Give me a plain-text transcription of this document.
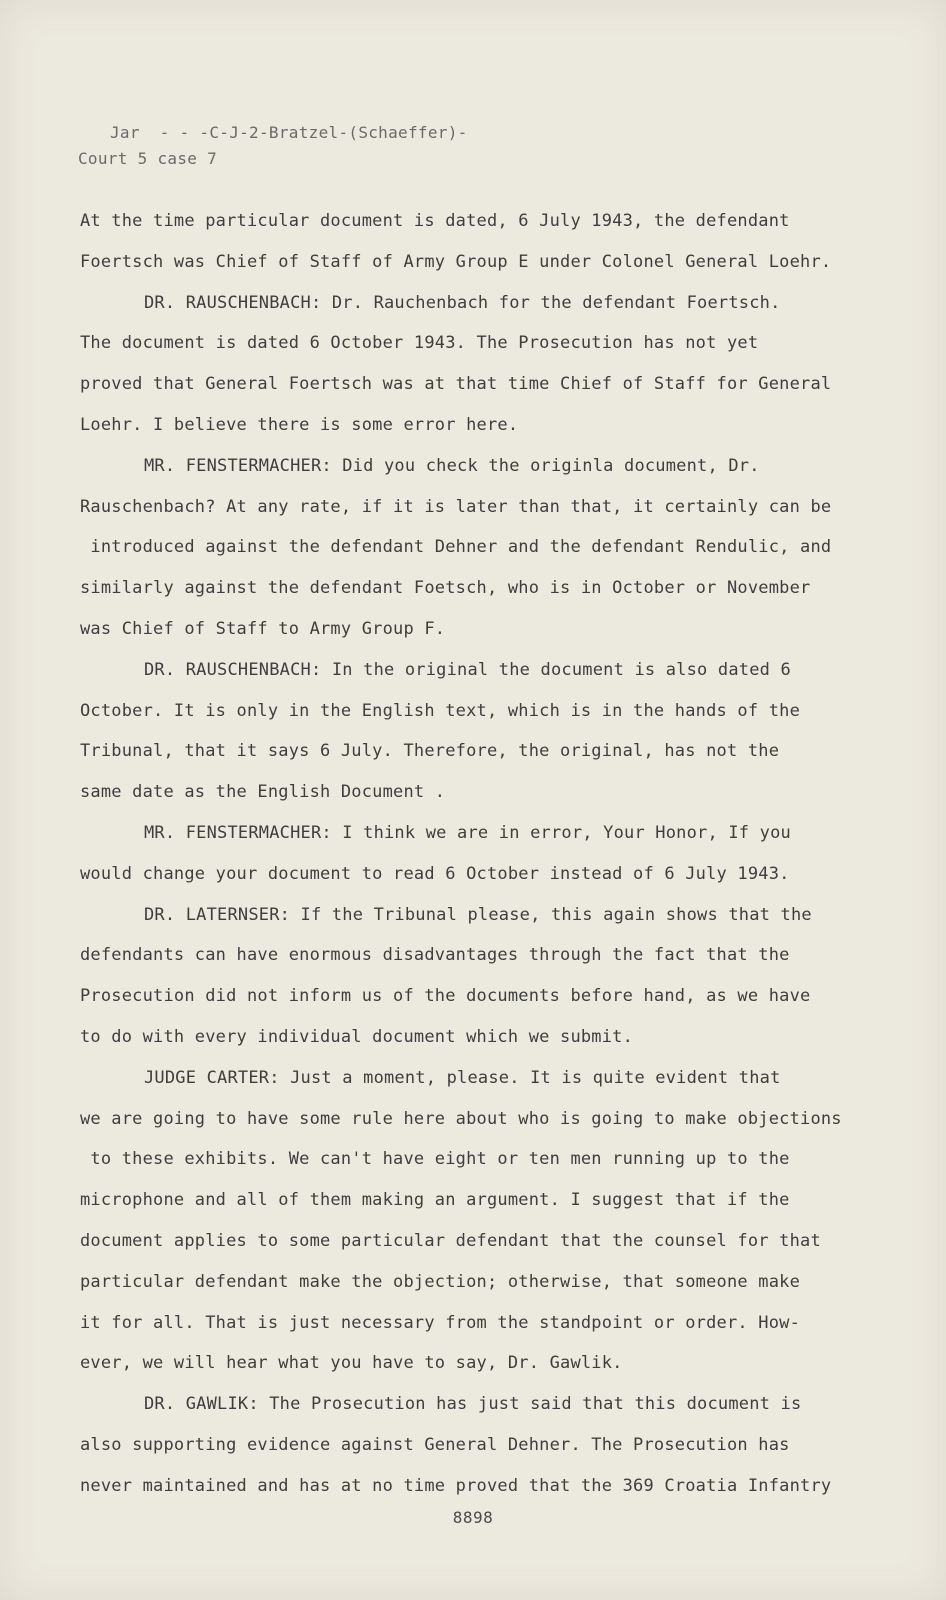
Jar  - - -C-J-2-Bratzel-(Schaeffer)-
Court 5 case 7
At the time particular document is dated, 6 July 1943, the defendant
Foertsch was Chief of Staff of Army Group E under Colonel General Loehr.
DR. RAUSCHENBACH: Dr. Rauchenbach for the defendant Foertsch.
The document is dated 6 October 1943. The Prosecution has not yet
proved that General Foertsch was at that time Chief of Staff for General
Loehr. I believe there is some error here.
MR. FENSTERMACHER: Did you check the originla document, Dr.
Rauschenbach? At any rate, if it is later than that, it certainly can be
introduced against the defendant Dehner and the defendant Rendulic, and
similarly against the defendant Foetsch, who is in October or November
was Chief of Staff to Army Group F.
DR. RAUSCHENBACH: In the original the document is also dated 6
October. It is only in the English text, which is in the hands of the
Tribunal, that it says 6 July. Therefore, the original, has not the
same date as the English Document .
MR. FENSTERMACHER: I think we are in error, Your Honor, If you
would change your document to read 6 October instead of 6 July 1943.
DR. LATERNSER: If the Tribunal please, this again shows that the
defendants can have enormous disadvantages through the fact that the
Prosecution did not inform us of the documents before hand, as we have
to do with every individual document which we submit.
JUDGE CARTER: Just a moment, please. It is quite evident that
we are going to have some rule here about who is going to make objections
to these exhibits. We can't have eight or ten men running up to the
microphone and all of them making an argument. I suggest that if the
document applies to some particular defendant that the counsel for that
particular defendant make the objection; otherwise, that someone make
it for all. That is just necessary from the standpoint or order. How-
ever, we will hear what you have to say, Dr. Gawlik.
DR. GAWLIK: The Prosecution has just said that this document is
also supporting evidence against General Dehner. The Prosecution has
never maintained and has at no time proved that the 369 Croatia Infantry
8898
